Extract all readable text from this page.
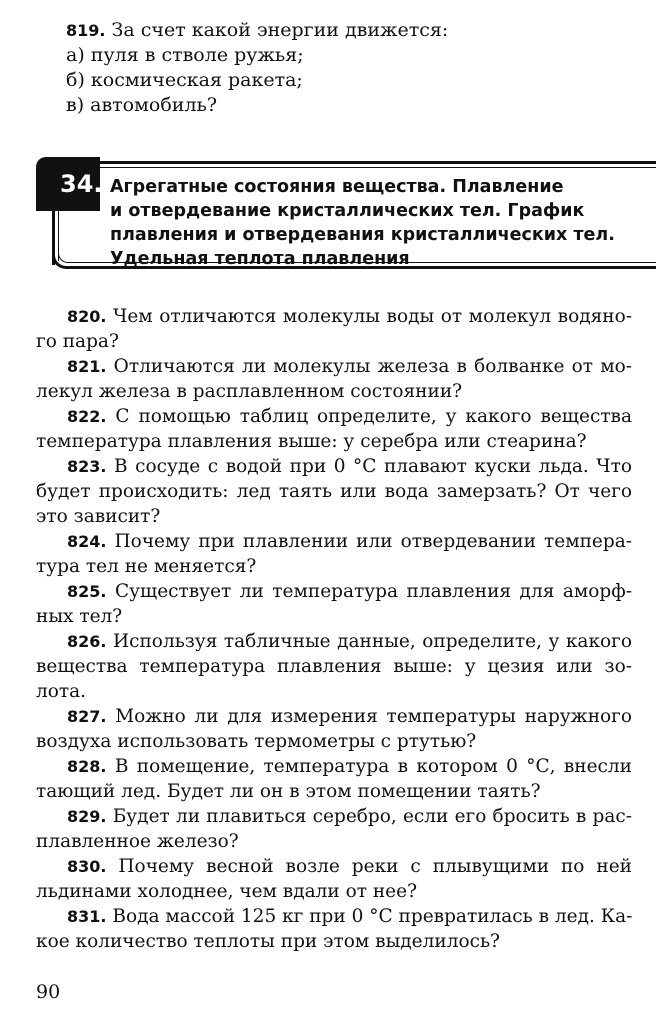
819. За счет какой энергии движется:
а) пуля в стволе ружья;
б) космическая ракета;
в) автомобиль?
34. Агрегатные состояния вещества. Плавление
и отвердевание кристаллических тел. График
плавления и отвердевания кристаллических тел.
Удельная теплота плавления
820. Чем отличаются молекулы воды от молекул водяно-
го пара?
821. Отличаются ли молекулы железа в болванке от мо-
лекул железа в расплавленном состоянии?
822. С помощью таблиц определите, у какого вещества
температура плавления выше: у серебра или стеарина?
823. В сосуде с водой при 0 °С плавают куски льда. Что
будет происходить: лед таять или вода замерзать? От чего
это зависит?
824. Почему при плавлении или отвердевании темпера-
тура тел не меняется?
825. Существует ли температура плавления для аморф-
ных тел?
826. Используя табличные данные, определите, у какого
вещества температура плавления выше: у цезия или зо-
лота.
827. Можно ли для измерения температуры наружного
воздуха использовать термометры с ртутью?
828. В помещение, температура в котором 0 °С, внесли
тающий лед. Будет ли он в этом помещении таять?
829. Будет ли плавиться серебро, если его бросить в рас-
плавленное железо?
830. Почему весной возле реки с плывущими по ней
льдинами холоднее, чем вдали от нее?
831. Вода массой 125 кг при 0 °С превратилась в лед. Ка-
кое количество теплоты при этом выделилось?
90
